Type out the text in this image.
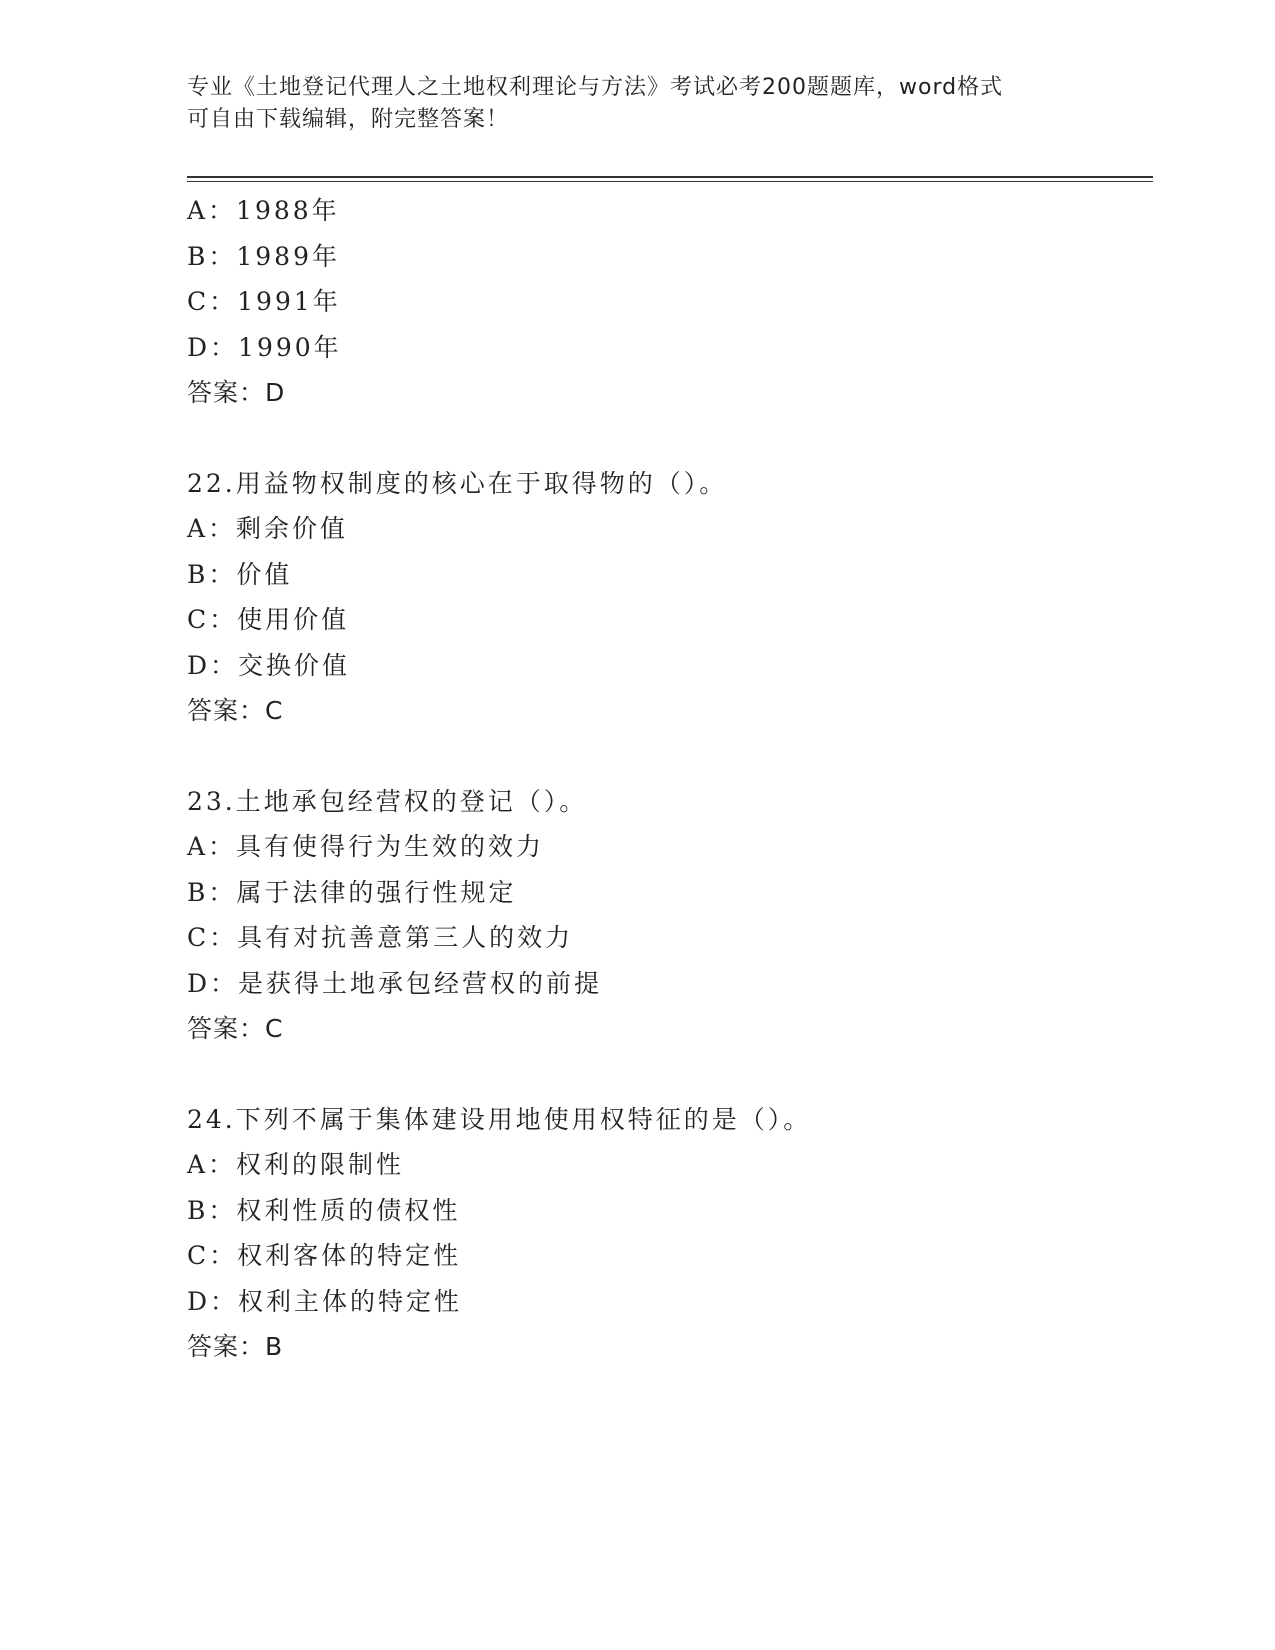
专业《土地登记代理人之土地权利理论与方法》考试必考200题题库，word格式
可自由下载编辑，附完整答案！
A：1988年
B：1989年
C：1991年
D：1990年
答案：D
22.用益物权制度的核心在于取得物的（）。
A：剩余价值
B：价值
C：使用价值
D：交换价值
答案：C
23.土地承包经营权的登记（）。
A：具有使得行为生效的效力
B：属于法律的强行性规定
C：具有对抗善意第三人的效力
D：是获得土地承包经营权的前提
答案：C
24.下列不属于集体建设用地使用权特征的是（）。
A：权利的限制性
B：权利性质的债权性
C：权利客体的特定性
D：权利主体的特定性
答案：B
